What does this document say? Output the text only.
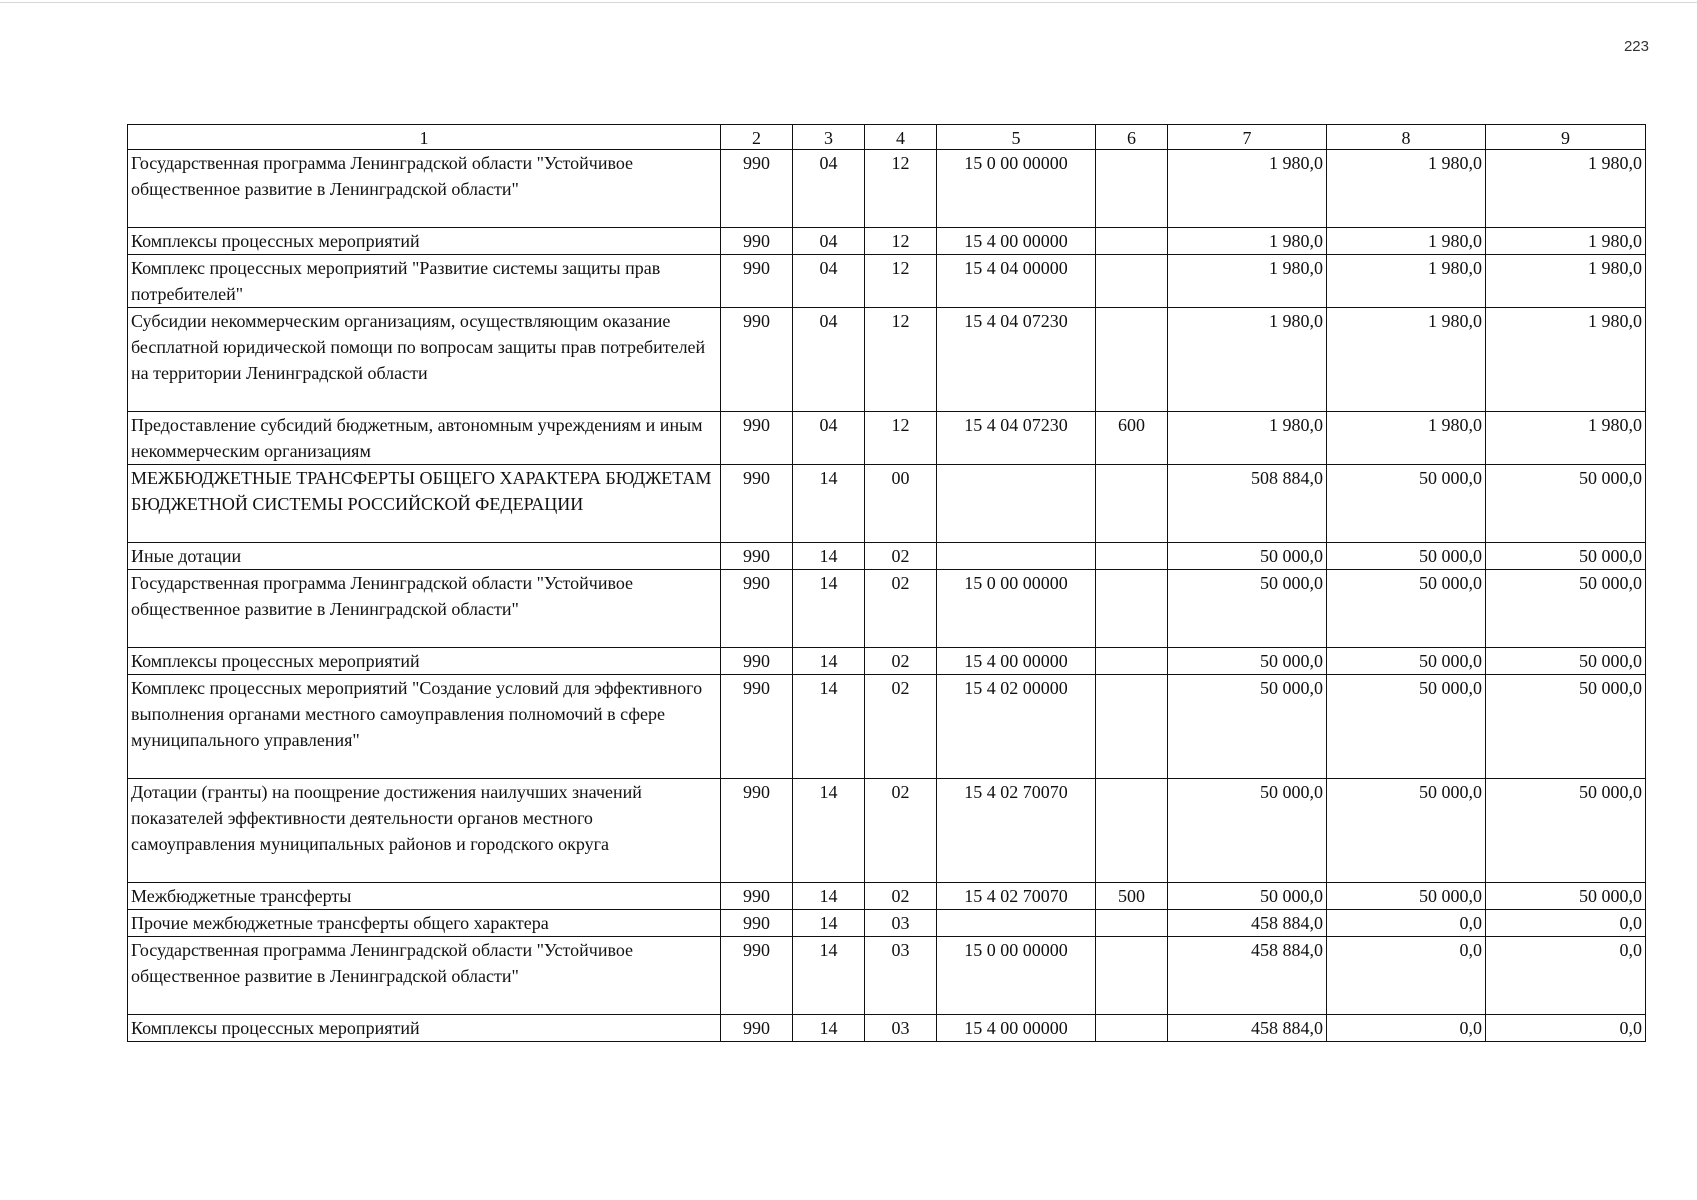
223
1	2	3	4	5	6	7	8	9
Государственная программа Ленинградской области "Устойчивое общественное развитие в Ленинградской области"	990	04	12	15 0 00 00000		1 980,0	1 980,0	1 980,0
Комплексы процессных мероприятий	990	04	12	15 4 00 00000		1 980,0	1 980,0	1 980,0
Комплекс процессных мероприятий "Развитие системы защиты прав потребителей"	990	04	12	15 4 04 00000		1 980,0	1 980,0	1 980,0
Субсидии некоммерческим организациям, осуществляющим оказание бесплатной юридической помощи по вопросам защиты прав потребителей на территории Ленинградской области	990	04	12	15 4 04 07230		1 980,0	1 980,0	1 980,0
Предоставление субсидий бюджетным, автономным учреждениям и иным некоммерческим организациям	990	04	12	15 4 04 07230	600	1 980,0	1 980,0	1 980,0
МЕЖБЮДЖЕТНЫЕ ТРАНСФЕРТЫ ОБЩЕГО ХАРАКТЕРА БЮДЖЕТАМ БЮДЖЕТНОЙ СИСТЕМЫ РОССИЙСКОЙ ФЕДЕРАЦИИ	990	14	00			508 884,0	50 000,0	50 000,0
Иные дотации	990	14	02			50 000,0	50 000,0	50 000,0
Государственная программа Ленинградской области "Устойчивое общественное развитие в Ленинградской области"	990	14	02	15 0 00 00000		50 000,0	50 000,0	50 000,0
Комплексы процессных мероприятий	990	14	02	15 4 00 00000		50 000,0	50 000,0	50 000,0
Комплекс процессных мероприятий "Создание условий для эффективного выполнения органами местного самоуправления полномочий в сфере муниципального управления"	990	14	02	15 4 02 00000		50 000,0	50 000,0	50 000,0
Дотации (гранты) на поощрение достижения наилучших значений показателей эффективности деятельности органов местного самоуправления муниципальных районов и городского округа	990	14	02	15 4 02 70070		50 000,0	50 000,0	50 000,0
Межбюджетные трансферты	990	14	02	15 4 02 70070	500	50 000,0	50 000,0	50 000,0
Прочие межбюджетные трансферты общего характера	990	14	03			458 884,0	0,0	0,0
Государственная программа Ленинградской области "Устойчивое общественное развитие в Ленинградской области"	990	14	03	15 0 00 00000		458 884,0	0,0	0,0
Комплексы процессных мероприятий	990	14	03	15 4 00 00000		458 884,0	0,0	0,0
